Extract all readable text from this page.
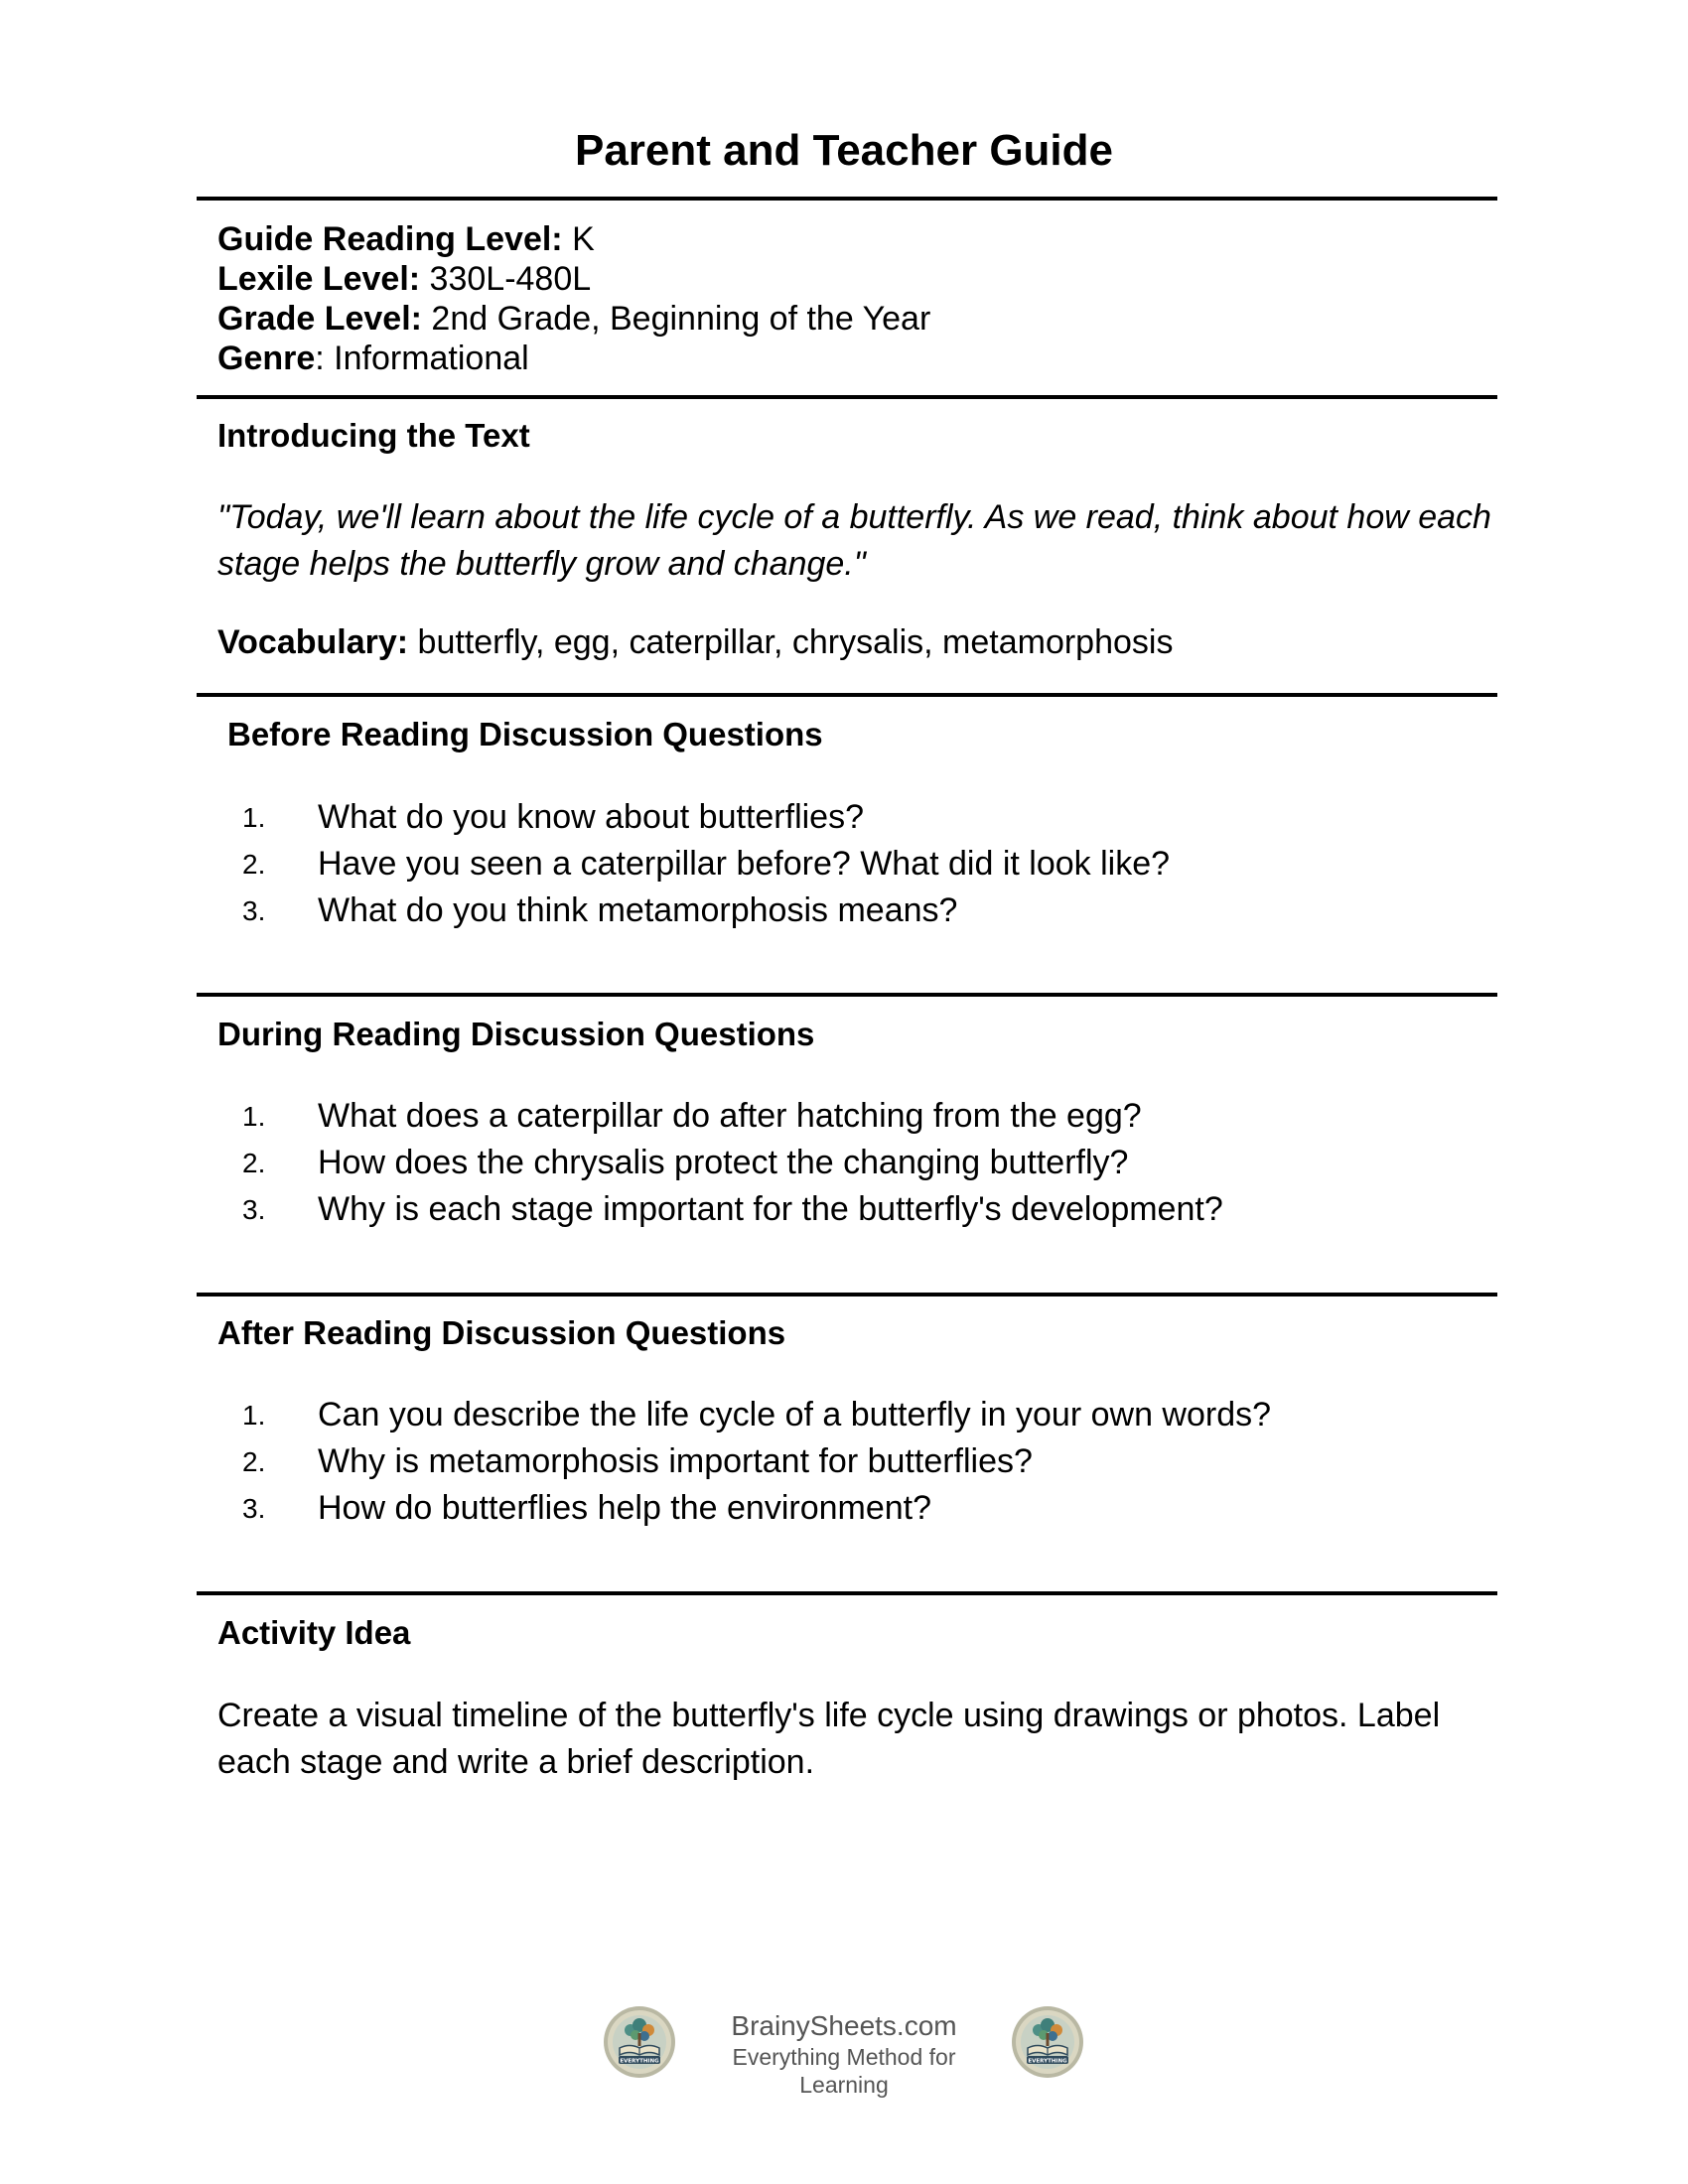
Parent and Teacher Guide
Guide Reading Level: K
Lexile Level: 330L-480L
Grade Level: 2nd Grade, Beginning of the Year
Genre: Informational
Introducing the Text
"Today, we'll learn about the life cycle of a butterfly. As we read, think about how each stage helps the butterfly grow and change."
Vocabulary: butterfly, egg, caterpillar, chrysalis, metamorphosis
Before Reading Discussion Questions
1. What do you know about butterflies?
2. Have you seen a caterpillar before? What did it look like?
3. What do you think metamorphosis means?
During Reading Discussion Questions
1. What does a caterpillar do after hatching from the egg?
2. How does the chrysalis protect the changing butterfly?
3. Why is each stage important for the butterfly's development?
After Reading Discussion Questions
1. Can you describe the life cycle of a butterfly in your own words?
2. Why is metamorphosis important for butterflies?
3. How do butterflies help the environment?
Activity Idea
Create a visual timeline of the butterfly's life cycle using drawings or photos. Label each stage and write a brief description.
EVERYTHING
BrainySheets.com
Everything Method for Learning
EVERYTHING
